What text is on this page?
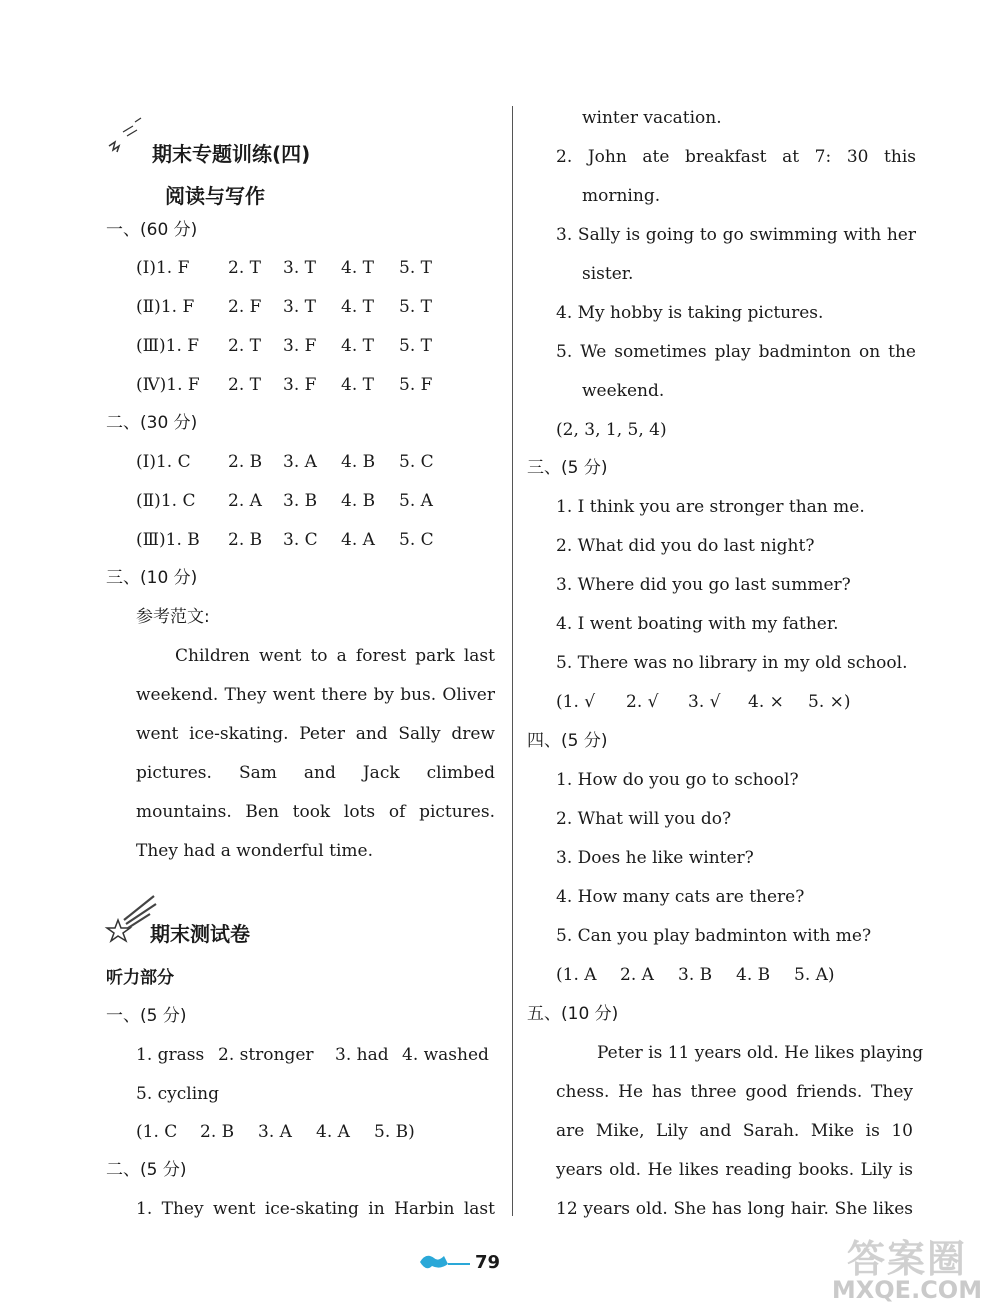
期末专题训练(四)
阅读与写作
一、(60 分)
(Ⅰ)1. F 2. T 3. T 4. T 5. T
(Ⅱ)1. F 2. F 3. T 4. T 5. T
(Ⅲ)1. F 2. T 3. F 4. T 5. T
(Ⅳ)1. F 2. T 3. F 4. T 5. F
二、(30 分)
(Ⅰ)1. C 2. B 3. A 4. B 5. C
(Ⅱ)1. C 2. A 3. B 4. B 5. A
(Ⅲ)1. B 2. B 3. C 4. A 5. C
三、(10 分)
参考范文:
Children went to a forest park last
weekend. They went there by bus. Oliver
went ice-skating. Peter and Sally drew
pictures. Sam and Jack climbed
mountains. Ben took lots of pictures.
They had a wonderful time.
期末测试卷
听力部分
一、(5 分)
1. grass 2. stronger 3. had 4. washed
5. cycling
(1. C 2. B 3. A 4. A 5. B)
二、(5 分)
1. They went ice-skating in Harbin last
winter vacation.
2. John ate breakfast at 7: 30 this
morning.
3. Sally is going to go swimming with her
sister.
4. My hobby is taking pictures.
5. We sometimes play badminton on the
weekend.
(2, 3, 1, 5, 4)
三、(5 分)
1. I think you are stronger than me.
2. What did you do last night?
3. Where did you go last summer?
4. I went boating with my father.
5. There was no library in my old school.
(1. √ 2. √ 3. √ 4. × 5. ×)
四、(5 分)
1. How do you go to school?
2. What will you do?
3. Does he like winter?
4. How many cats are there?
5. Can you play badminton with me?
(1. A 2. A 3. B 4. B 5. A)
五、(10 分)
Peter is 11 years old. He likes playing
chess. He has three good friends. They
are Mike, Lily and Sarah. Mike is 10
years old. He likes reading books. Lily is
12 years old. She has long hair. She likes
79	答案圈
MXQE.COM
